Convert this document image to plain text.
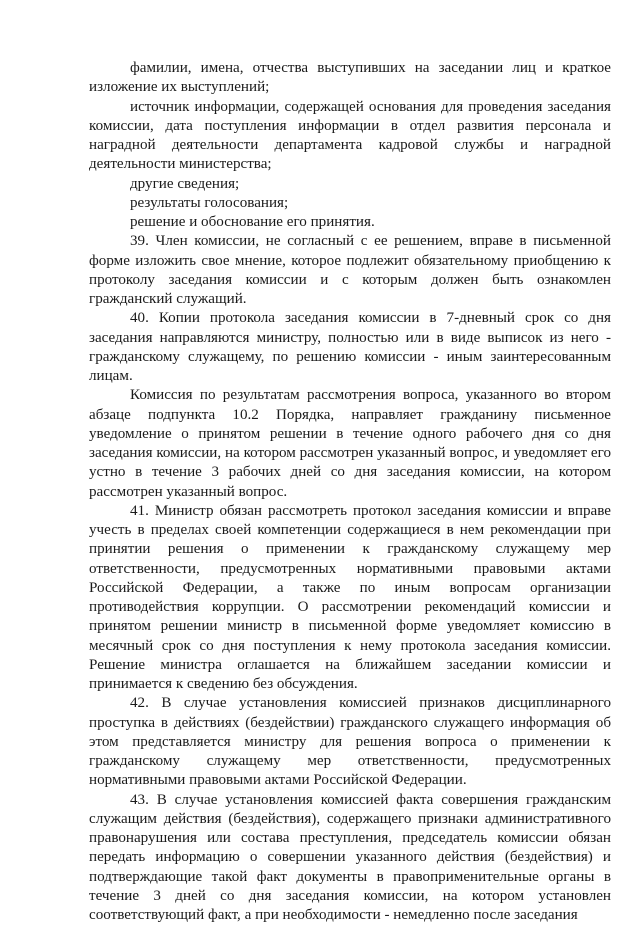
фамилии, имена, отчества выступивших на заседании лиц и краткое изложение их выступлений;

источник информации, содержащей основания для проведения заседания комиссии, дата поступления информации в отдел развития персонала и наградной деятельности департамента кадровой службы и наградной деятельности министерства;

другие сведения;

результаты голосования;

решение и обоснование его принятия.

39. Член комиссии, не согласный с ее решением, вправе в письменной форме изложить свое мнение, которое подлежит обязательному приобщению к протоколу заседания комиссии и с которым должен быть ознакомлен гражданский служащий.

40. Копии протокола заседания комиссии в 7-дневный срок со дня заседания направляются министру, полностью или в виде выписок из него - гражданскому служащему, по решению комиссии - иным заинтересованным лицам.

Комиссия по результатам рассмотрения вопроса, указанного во втором абзаце подпункта 10.2 Порядка, направляет гражданину письменное уведомление о принятом решении в течение одного рабочего дня со дня заседания комиссии, на котором рассмотрен указанный вопрос, и уведомляет его устно в течение 3 рабочих дней со дня заседания комиссии, на котором рассмотрен указанный вопрос.

41. Министр обязан рассмотреть протокол заседания комиссии и вправе учесть в пределах своей компетенции содержащиеся в нем рекомендации при принятии решения о применении к гражданскому служащему мер ответственности, предусмотренных нормативными правовыми актами Российской Федерации, а также по иным вопросам организации противодействия коррупции. О рассмотрении рекомендаций комиссии и принятом решении министр в письменной форме уведомляет комиссию в месячный срок со дня поступления к нему протокола заседания комиссии. Решение министра оглашается на ближайшем заседании комиссии и принимается к сведению без обсуждения.

42. В случае установления комиссией признаков дисциплинарного проступка в действиях (бездействии) гражданского служащего информация об этом представляется министру для решения вопроса о применении к гражданскому служащему мер ответственности, предусмотренных нормативными правовыми актами Российской Федерации.

43. В случае установления комиссией факта совершения гражданским служащим действия (бездействия), содержащего признаки административного правонарушения или состава преступления, председатель комиссии обязан передать информацию о совершении указанного действия (бездействия) и подтверждающие такой факт документы в правоприменительные органы в течение 3 дней со дня заседания комиссии, на котором установлен соответствующий факт, а при необходимости - немедленно после заседания
